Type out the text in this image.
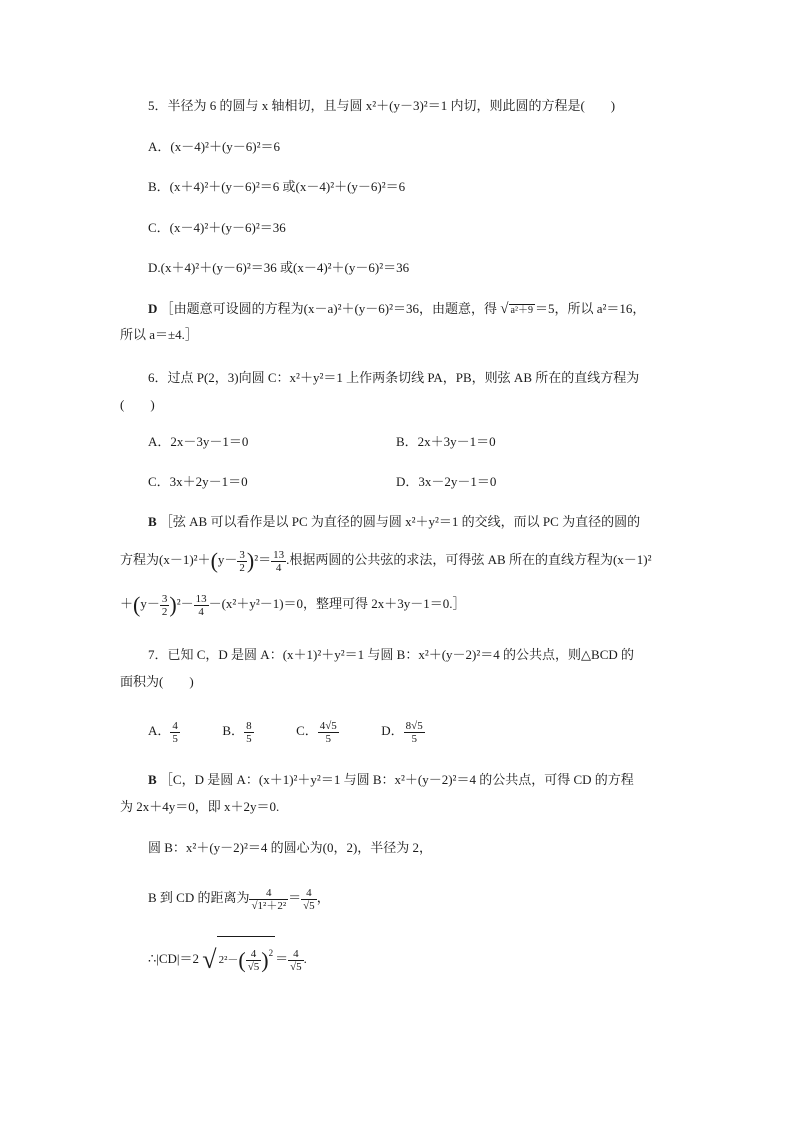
5．半径为 6 的圆与 x 轴相切，且与圆 x²＋(y－3)²＝1 内切，则此圆的方程是(　　)
A．(x－4)²＋(y－6)²＝6
B．(x＋4)²＋(y－6)²＝6 或(x－4)²＋(y－6)²＝6
C．(x－4)²＋(y－6)²＝36
D.(x＋4)²＋(y－6)²＝36 或(x－4)²＋(y－6)²＝36
D ［由题意可设圆的方程为(x－a)²＋(y－6)²＝36，由题意，得 √ a²＋9 ＝5，所以 a²＝16，
所以 a＝±4.］
6．过点 P(2，3)向圆 C：x²＋y²＝1 上作两条切线 PA，PB，则弦 AB 所在的直线方程为
(　　)
A．2x－3y－1＝0	B．2x＋3y－1＝0
C．3x＋2y－1＝0	D．3x－2y－1＝0
B ［弦 AB 可以看作是以 PC 为直径的圆与圆 x²＋y²＝1 的交线，而以 PC 为直径的圆的
方程为$(x-1)^2+(y- \frac{3}{2} )^2= \frac{13}{4}$ .根据两圆的公共弦的求法，可得弦 AB 所在的直线方程为(x－1)²
$+(y- \frac{3}{2} )^2- \frac{13}{4} -(x^2+y^2-1)=0$，整理可得 2x＋3y－1＝0.］
7．已知 C，D 是圆 A：(x＋1)²＋y²＝1 与圆 B：x²＋(y－2)²＝4 的公共点，则△BCD 的
面积为(　　)
A． $\frac{4}{5}$	B． $\frac{8}{5}$	C． $\frac{4√5}{5}$	D． $\frac{8√5}{5}$
B ［C，D 是圆 A：(x＋1)²＋y²＝1 与圆 B：x²＋(y－2)²＝4 的公共点，可得 CD 的方程
为 2x＋4y＝0，即 x＋2y＝0.
圆 B：x²＋(y－2)²＝4 的圆心为(0，2)，半径为 2，
B 到 CD 的距离为 $\frac{4}{\text{√1²＋2²}} = \frac{4}{√5}$ ，
∴|CD|＝2 √ $2^2-( \frac{4}{√5} )^2 = \frac{4}{√5}$ .
